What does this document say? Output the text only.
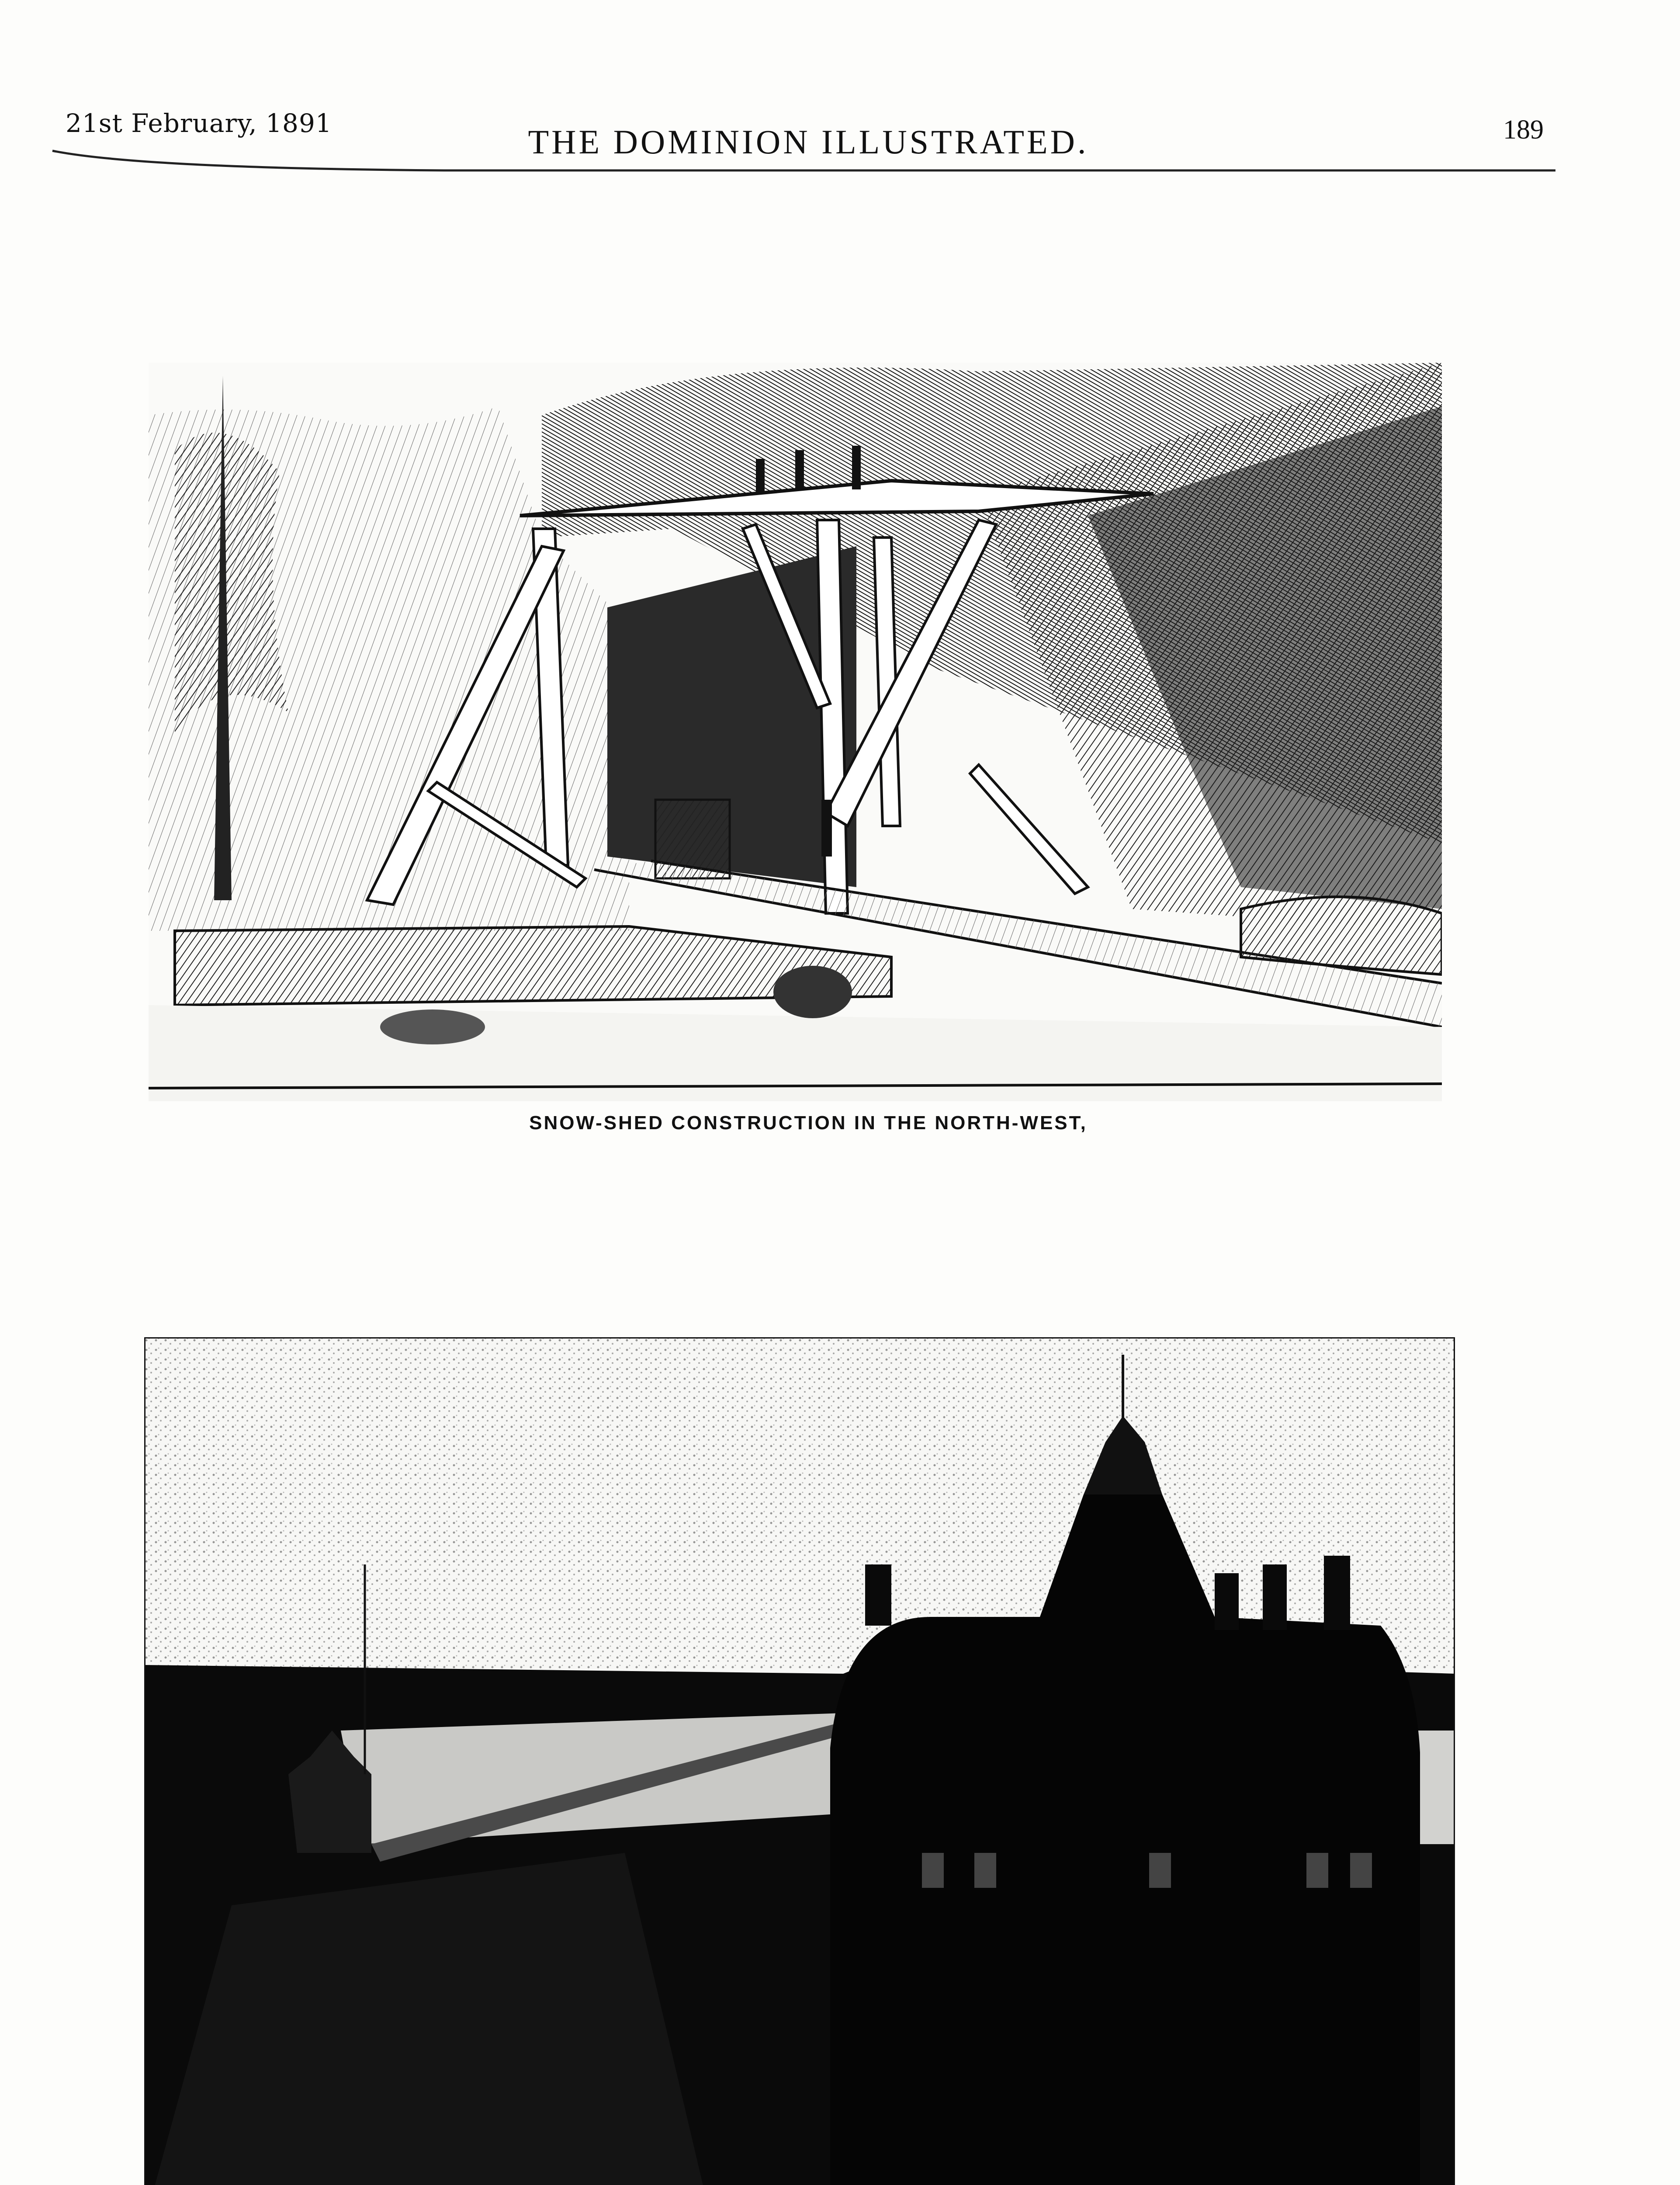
21st February, 1891	THE DOMINION ILLUSTRATED.	189
SNOW-SHED CONSTRUCTION IN THE NORTH-WEST,
